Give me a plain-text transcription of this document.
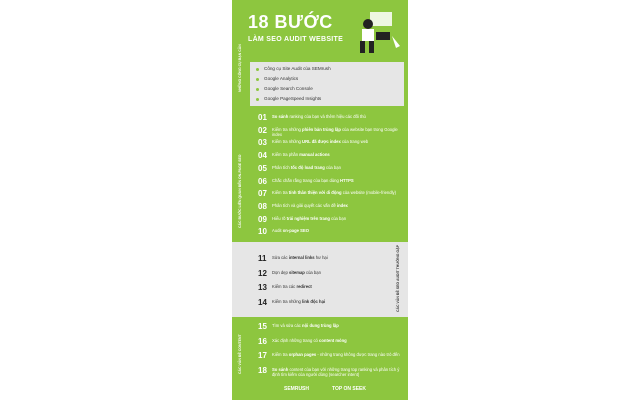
18 BƯỚC
LÀM SEO AUDIT WEBSITE
NHỮNG CÔNG CỤ BẠN CẦN	Công cụ Site Audit của SEMrush
Google Analytics
Google Search Console
Google PageSpeed Insights
CÁC BƯỚC LIÊN QUAN ĐẾN ON-PAGE SEO
01 So sánh ranking của bạn và thêm hiệu các đối thủ
02 Kiểm tra những phiên bản trùng lặp của website bạn trong Google index
03 Kiểm tra những URL đã được index của trang web
04 Kiểm tra phần manual actions
05 Phân tích tốc độ load trang của bạn
06 Chắc chắn rằng trang của bạn dùng HTTPS
07 Kiểm tra tính thân thiện với di động của website (mobile-friendly)
08 Phân tích và giải quyết các vấn đề index
09 Hiểu rõ trải nghiệm trên trang của bạn
10 Audit on-page SEO
CÁC VẤN ĐỀ SEO AUDIT THƯỜNG GẶP
11 Sửa các internal links hư hại
12 Dọn dẹp sitemap của bạn
13 Kiểm tra các redirect
14 Kiểm tra những link độc hại
CÁC VẤN ĐỀ CONTENT
15 Tìm và sửa các nội dung trùng lặp
16 Xác định những trang có content mỏng
17 Kiểm tra orphan pages - những trang không được trang nào trỏ đến
18 So sánh content của bạn với những trang top ranking và phân tích ý định tìm kiếm của người dùng (searcher intent)
SEMRUSH	TOP ON SEEK
